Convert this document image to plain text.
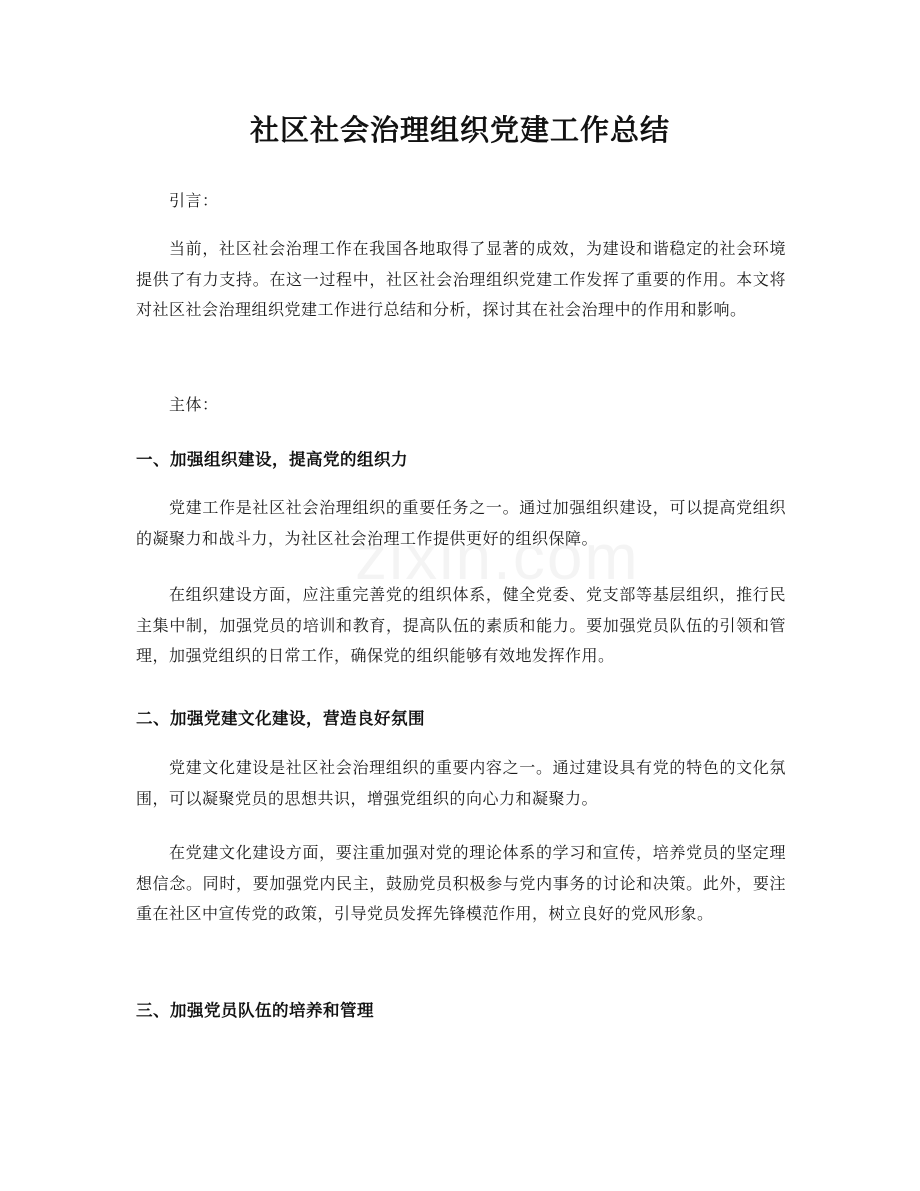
社区社会治理组织党建工作总结
引言：
当前，社区社会治理工作在我国各地取得了显著的成效，为建设和谐稳定的社会环境提供了有力支持。在这一过程中，社区社会治理组织党建工作发挥了重要的作用。本文将对社区社会治理组织党建工作进行总结和分析，探讨其在社会治理中的作用和影响。
主体：
一、加强组织建设，提高党的组织力
党建工作是社区社会治理组织的重要任务之一。通过加强组织建设，可以提高党组织的凝聚力和战斗力，为社区社会治理工作提供更好的组织保障。
在组织建设方面，应注重完善党的组织体系，健全党委、党支部等基层组织，推行民主集中制，加强党员的培训和教育，提高队伍的素质和能力。要加强党员队伍的引领和管理，加强党组织的日常工作，确保党的组织能够有效地发挥作用。
二、加强党建文化建设，营造良好氛围
党建文化建设是社区社会治理组织的重要内容之一。通过建设具有党的特色的文化氛围，可以凝聚党员的思想共识，增强党组织的向心力和凝聚力。
在党建文化建设方面，要注重加强对党的理论体系的学习和宣传，培养党员的坚定理想信念。同时，要加强党内民主，鼓励党员积极参与党内事务的讨论和决策。此外，要注重在社区中宣传党的政策，引导党员发挥先锋模范作用，树立良好的党风形象。
三、加强党员队伍的培养和管理
